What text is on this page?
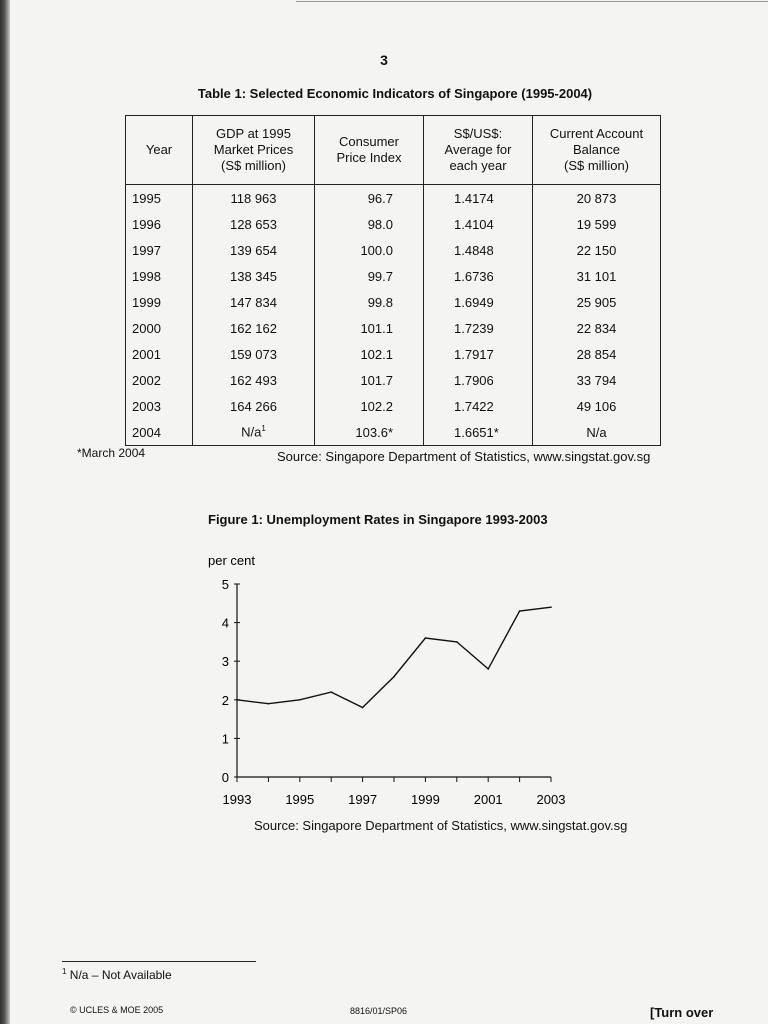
3
Table 1: Selected Economic Indicators of Singapore (1995-2004)
Year	GDP at 1995
Market Prices
(S$ million)	Consumer
Price Index	S$/US$:
Average for
each year	Current Account
Balance
(S$ million)
1995	118 963	96.7	1.4174	20 873
1996	128 653	98.0	1.4104	19 599
1997	139 654	100.0	1.4848	22 150
1998	138 345	99.7	1.6736	31 101
1999	147 834	99.8	1.6949	25 905
2000	162 162	101.1	1.7239	22 834
2001	159 073	102.1	1.7917	28 854
2002	162 493	101.7	1.7906	33 794
2003	164 266	102.2	1.7422	49 106
2004	$N/a^1$	103.6*	1.6651*	N/a
*March 2004	Source: Singapore Department of Statistics, www.singstat.gov.sg
Figure 1: Unemployment Rates in Singapore 1993-2003
per cent
0
1
2
3
4
5
1993	1995	1997	1999	2001	2003
Source: Singapore Department of Statistics, www.singstat.gov.sg
$^1$ N/a – Not Available
© UCLES & MOE 2005	8816/01/SP06	[Turn over
